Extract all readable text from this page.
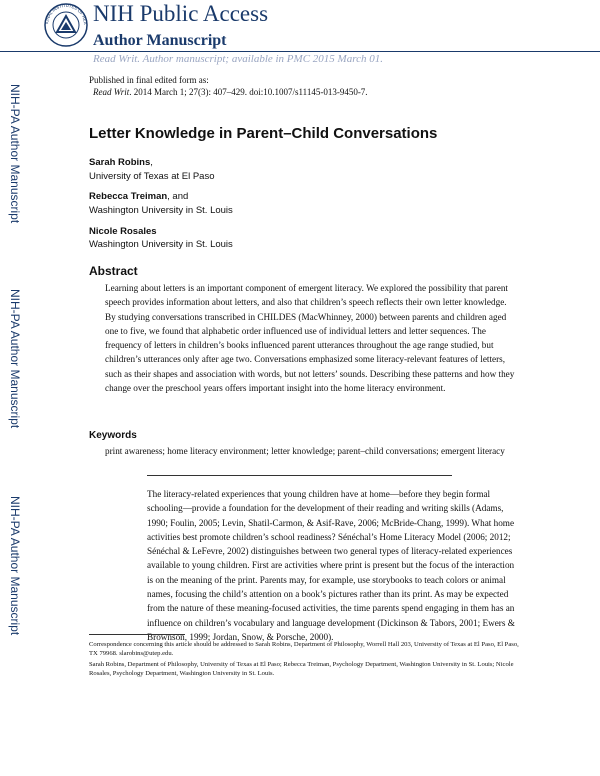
IONAL INSTITUTES OF HEA NIH Public Access
Author Manuscript
Read Writ. Author manuscript; available in PMC 2015 March 01.
Published in final edited form as:
Read Writ. 2014 March 1; 27(3): 407–429. doi:10.1007/s11145-013-9450-7.
NIH-PA Author Manuscript
NIH-PA Author Manuscript
NIH-PA Author Manuscript
Letter Knowledge in Parent–Child Conversations
Sarah Robins,
University of Texas at El Paso
Rebecca Treiman, and
Washington University in St. Louis
Nicole Rosales
Washington University in St. Louis
Abstract
Learning about letters is an important component of emergent literacy. We explored the possibility that parent speech provides information about letters, and also that children’s speech reflects their own letter knowledge. By studying conversations transcribed in CHILDES (MacWhinney, 2000) between parents and children aged one to five, we found that alphabetic order influenced use of individual letters and letter sequences. The frequency of letters in children’s books influenced parent utterances throughout the age range studied, but children’s utterances only after age two. Conversations emphasized some literacy-relevant features of letters, such as their shapes and association with words, but not letters’ sounds. Describing these patterns and how they change over the preschool years offers important insight into the home literacy environment.
Keywords
print awareness; home literacy environment; letter knowledge; parent–child conversations; emergent literacy
The literacy-related experiences that young children have at home—before they begin formal schooling—provide a foundation for the development of their reading and writing skills (Adams, 1990; Foulin, 2005; Levin, Shatil-Carmon, & Asif-Rave, 2006; McBride-Chang, 1999). What home activities best promote children’s school readiness? Sénéchal’s Home Literacy Model (2006; 2012; Sénéchal & LeFevre, 2002) distinguishes between two general types of literacy-related experiences available to young children. First are activities where print is present but the focus of the interaction is on the meaning of the print. Parents may, for example, use storybooks to teach colors or animal names, focusing the child’s attention on a book’s pictures rather than its print. As may be expected from the nature of these meaning-focused activities, the time parents spend engaging in them has an influence on children’s vocabulary and language development (Dickinson & Tabors, 2001; Ewers & Brownson, 1999; Jordan, Snow, & Porsche, 2000).
Correspondence concerning this article should be addressed to Sarah Robins, Department of Philosophy, Worrell Hall 203, University of Texas at El Paso, El Paso, TX 79968. slarobins@utep.edu.
Sarah Robins, Department of Philosophy, University of Texas at El Paso; Rebecca Treiman, Psychology Department, Washington University in St. Louis; Nicole Rosales, Psychology Department, Washington University in St. Louis.
